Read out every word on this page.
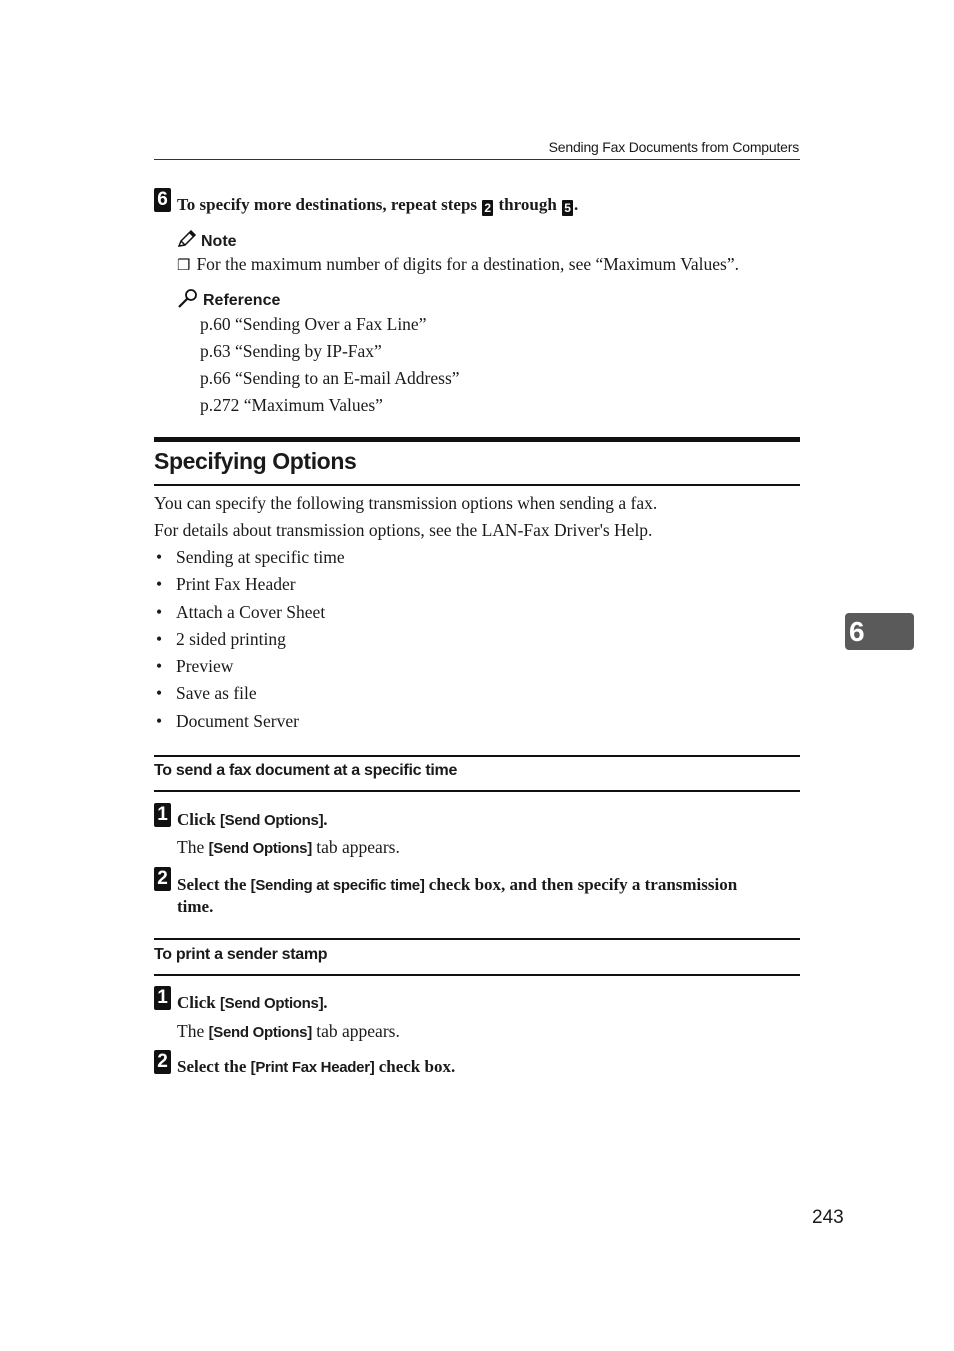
Sending Fax Documents from Computers
6 To specify more destinations, repeat steps 2 through 5 .
Note
❒ For the maximum number of digits for a destination, see “Maximum Values”.
Reference
p.60 “Sending Over a Fax Line”
p.63 “Sending by IP-Fax”
p.66 “Sending to an E-mail Address”
p.272 “Maximum Values”
Specifying Options
You can specify the following transmission options when sending a fax.
For details about transmission options, see the LAN-Fax Driver's Help.
• Sending at specific time
• Print Fax Header
• Attach a Cover Sheet
• 2 sided printing
• Preview
• Save as file
• Document Server
To send a fax document at a specific time
1 Click [Send Options].
The [Send Options] tab appears.
2 Select the [Sending at specific time] check box, and then specify a transmission
time.
To print a sender stamp
1 Click [Send Options].
The [Send Options] tab appears.
2 Select the [Print Fax Header] check box.
6
243
